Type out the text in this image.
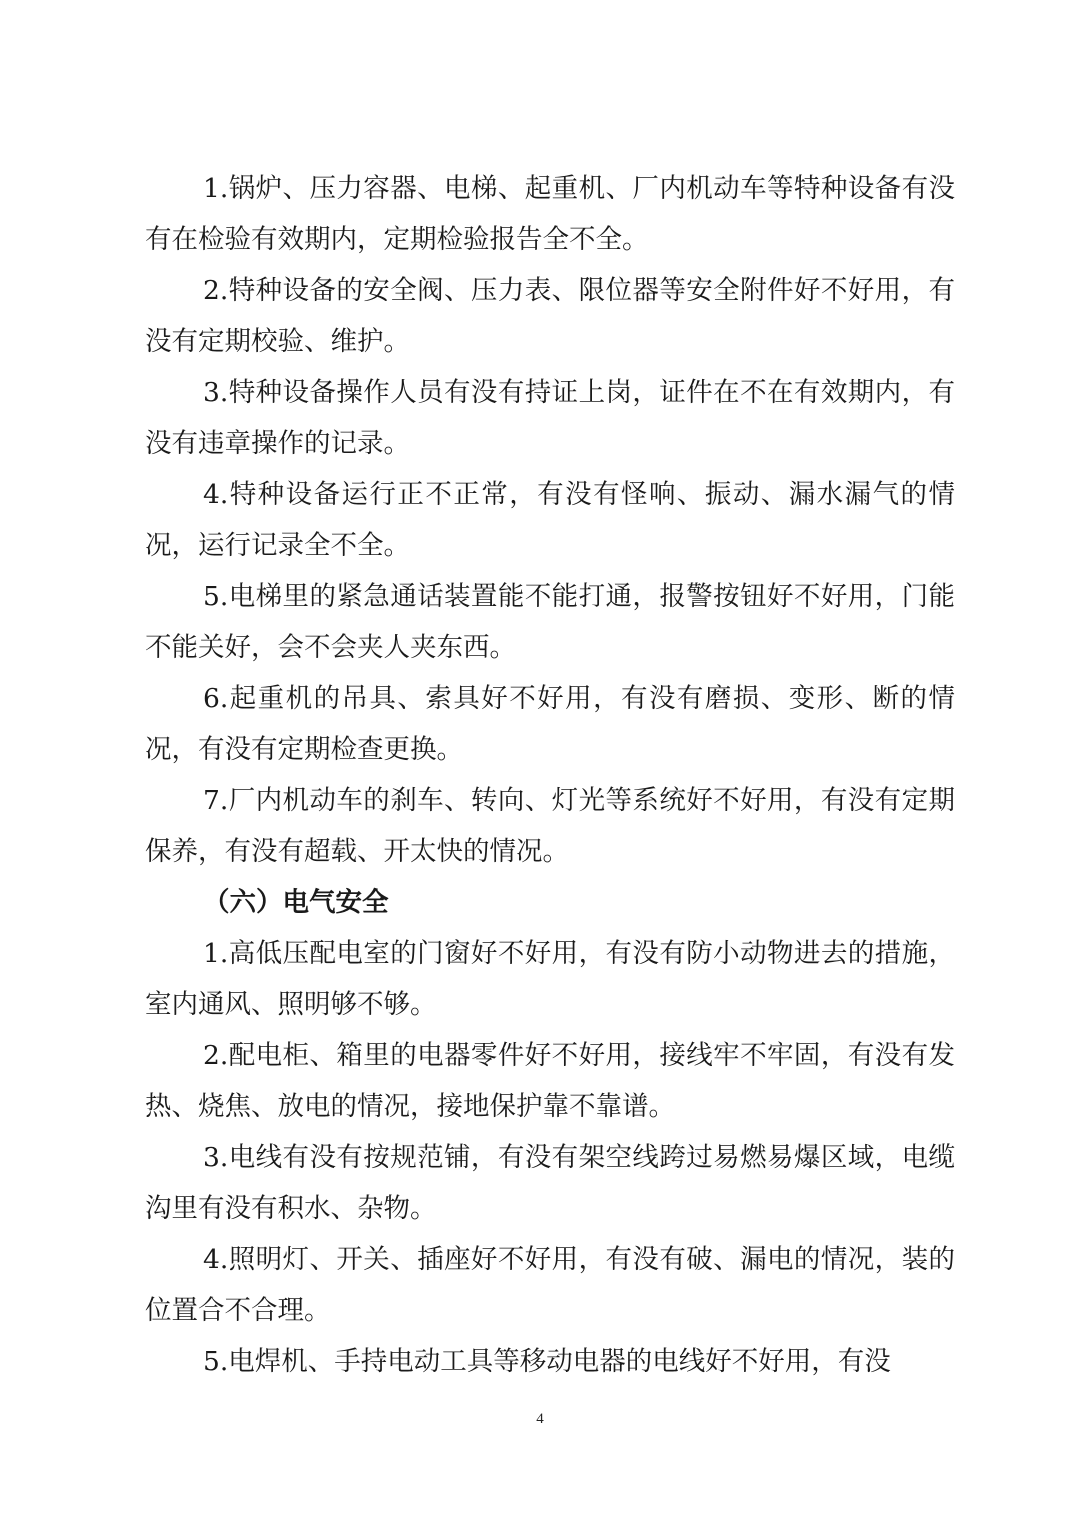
1.锅炉、压力容器、电梯、起重机、厂内机动车等特种设备有没有在检验有效期内，定期检验报告全不全。

2.特种设备的安全阀、压力表、限位器等安全附件好不好用，有没有定期校验、维护。

3.特种设备操作人员有没有持证上岗，证件在不在有效期内，有没有违章操作的记录。

4.特种设备运行正不正常，有没有怪响、振动、漏水漏气的情况，运行记录全不全。

5.电梯里的紧急通话装置能不能打通，报警按钮好不好用，门能不能关好，会不会夹人夹东西。

6.起重机的吊具、索具好不好用，有没有磨损、变形、断的情况，有没有定期检查更换。

7.厂内机动车的刹车、转向、灯光等系统好不好用，有没有定期保养，有没有超载、开太快的情况。

（六）电气安全

1.高低压配电室的门窗好不好用，有没有防小动物进去的措施，室内通风、照明够不够。

2.配电柜、箱里的电器零件好不好用，接线牢不牢固，有没有发热、烧焦、放电的情况，接地保护靠不靠谱。

3.电线有没有按规范铺，有没有架空线跨过易燃易爆区域，电缆沟里有没有积水、杂物。

4.照明灯、开关、插座好不好用，有没有破、漏电的情况，装的位置合不合理。

5.电焊机、手持电动工具等移动电器的电线好不好用，有没

4
